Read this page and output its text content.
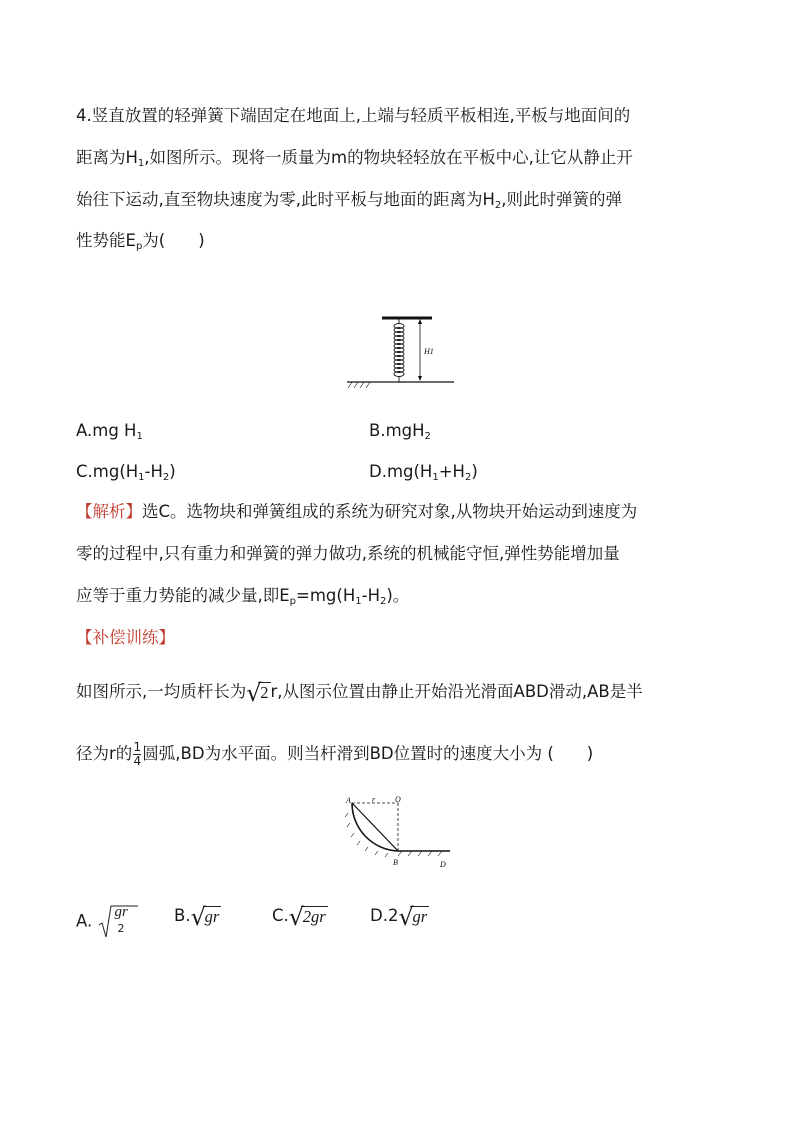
4.竖直放置的轻弹簧下端固定在地面上,上端与轻质平板相连,平板与地面间的
距离为$H_1$,如图所示。现将一质量为m的物块轻轻放在平板中心,让它从静止开
始往下运动,直至物块速度为零,此时平板与地面的距离为$H_2$,则此时弹簧的弹
性势能$E_p$为(　　)
H1
A.mg $H_1$	B.mgH$_2$
$C.mg(H_1-H_2)$	$D.mg(H_1+H_2)$
【解析】选C。选物块和弹簧组成的系统为研究对象,从物块开始运动到速度为
零的过程中,只有重力和弹簧的弹力做功,系统的机械能守恒,弹性势能增加量
应等于重力势能的减少量,即$E_p=mg(H_1-H_2)$。
【补偿训练】
如图所示,一均质杆长为 √
2 r,从图示位置由静止开始沿光滑面ABD滑动,AB是半
径为r的 $\frac{1}{4}$ 圆弧,BD为水平面。则当杆滑到BD位置时的速度大小为 (　　)
A	r O
B	D
A. gr
2
B. √
gr	C. √
2gr	D.2 √
gr
